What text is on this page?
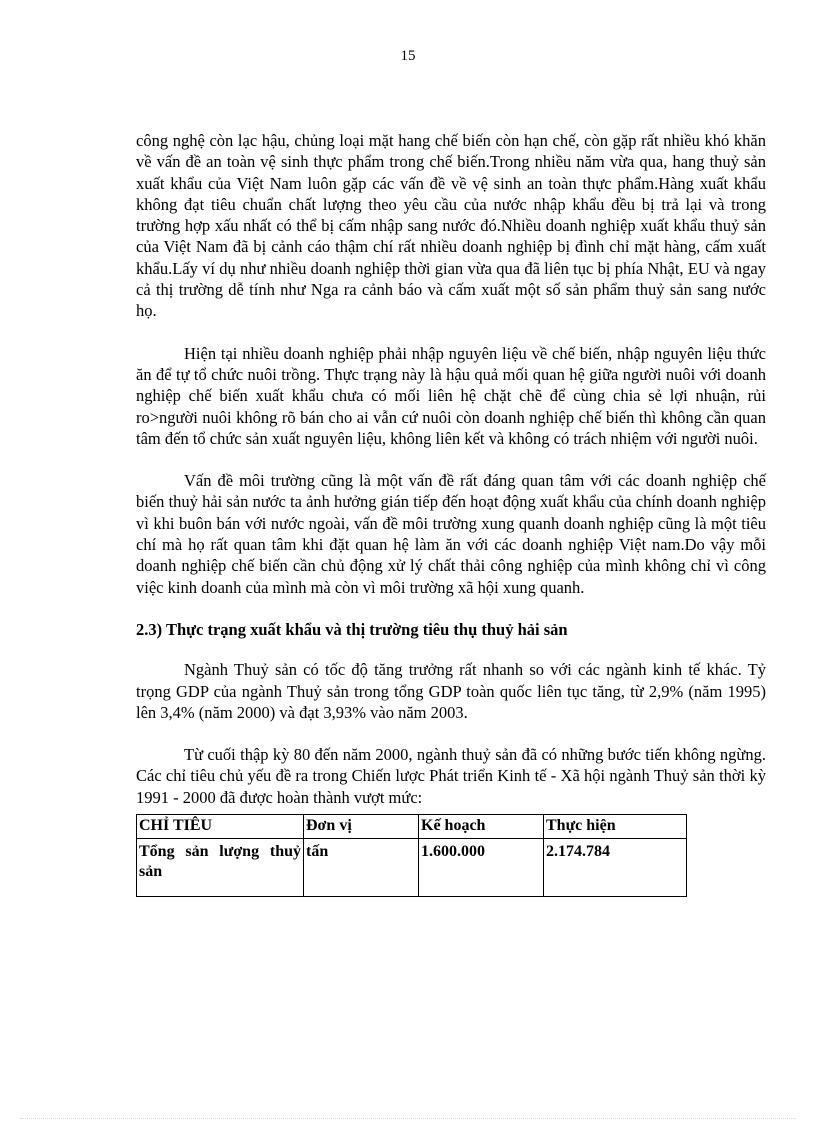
15

công nghệ còn lạc hậu, chủng loại mặt hang chế biến còn hạn chế, còn gặp rất nhiều khó khăn về vấn đề an toàn vệ sinh thực phẩm trong chế biến.Trong nhiều năm vừa qua, hang thuỷ sản xuất khẩu của Việt Nam luôn gặp các vấn đề về vệ sinh an toàn thực phẩm.Hàng xuất khẩu không đạt tiêu chuẩn chất lượng theo yêu cầu của nước nhập khẩu đều bị trả lại và trong trường hợp xấu nhất có thể bị cấm nhập sang nước đó.Nhiều doanh nghiệp xuất khẩu thuỷ sản của Việt Nam đã bị cảnh cáo thậm chí rất nhiều doanh nghiệp bị đình chỉ mặt hàng, cấm xuất khẩu.Lấy ví dụ như nhiều doanh nghiệp thời gian vừa qua đã liên tục bị phía Nhật, EU và ngay cả thị trường dễ tính như Nga ra cảnh báo và cấm xuất một số sản phẩm thuỷ sản sang nước họ.

Hiện tại nhiều doanh nghiệp phải nhập nguyên liệu về chế biến, nhập nguyên liệu thức ăn để tự tổ chức nuôi trồng. Thực trạng này là hậu quả mối quan hệ giữa người nuôi với doanh nghiệp chế biến xuất khẩu chưa có mối liên hệ chặt chẽ để cùng chia sẻ lợi nhuận, rủi ro>người nuôi không rõ bán cho ai vẫn cứ nuôi còn doanh nghiệp chế biến thì không cần quan tâm đến tổ chức sản xuất nguyên liệu, không liên kết và không có trách nhiệm với người nuôi.

Vấn đề môi trường cũng là một vấn đề rất đáng quan tâm với các doanh nghiệp chế biến thuỷ hải sản nước ta ảnh hưởng gián tiếp đến hoạt động xuất khẩu của chính doanh nghiệp vì khi buôn bán với nước ngoài, vấn đề môi trường xung quanh doanh nghiệp cũng là một tiêu chí mà họ rất quan tâm khi đặt quan hệ làm ăn với các doanh nghiệp Việt nam.Do vậy mỗi doanh nghiệp chế biến cần chủ động xử lý chất thải công nghiệp của mình không chỉ vì công việc kinh doanh của mình mà còn vì môi trường xã hội xung quanh.

2.3) Thực trạng xuất khẩu và thị trường tiêu thụ thuỷ hải sản

Ngành Thuỷ sản có tốc độ tăng trưởng rất nhanh so với các ngành kinh tế khác. Tỷ trọng GDP của ngành Thuỷ sản trong tổng GDP toàn quốc liên tục tăng, từ 2,9% (năm 1995) lên 3,4% (năm 2000) và đạt 3,93% vào năm 2003.

Từ cuối thập kỳ 80 đến năm 2000, ngành thuỷ sản đã có những bước tiến không ngừng. Các chỉ tiêu chủ yếu đề ra trong Chiến lược Phát triển Kinh tế - Xã hội ngành Thuỷ sản thời kỳ 1991 - 2000 đã được hoàn thành vượt mức:

CHỈ TIÊU	Đơn vị	Kế hoạch	Thực hiện
Tổng sản lượng thuỷ sản	tấn	1.600.000	2.174.784
